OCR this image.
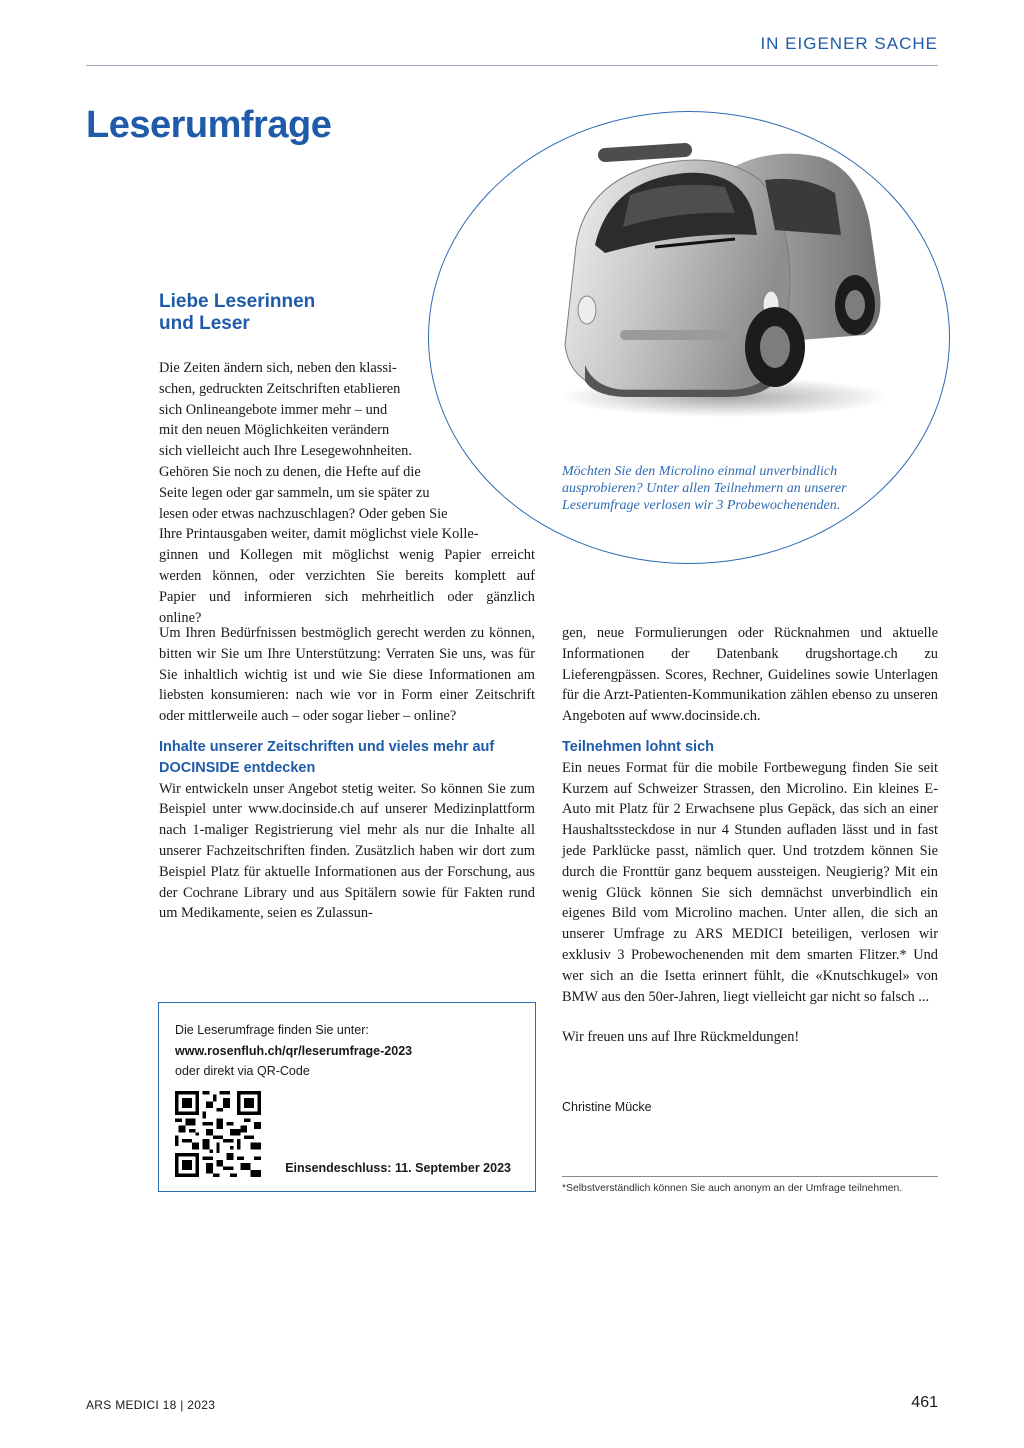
IN EIGENER SACHE
Leserumfrage

Möchten Sie den Microlino einmal unverbindlich ausprobieren? Unter allen Teilnehmern an unserer Leserumfrage verlosen wir 3 Probewochenenden.

Liebe Leserinnen
und Leser
Die Zeiten ändern sich, neben den klassi-
schen, gedruckten Zeitschriften etablieren
sich Onlineangebote immer mehr – und
mit den neuen Möglichkeiten verändern
sich vielleicht auch Ihre Lesegewohnheiten.
Gehören Sie noch zu denen, die Hefte auf die
Seite legen oder gar sammeln, um sie später zu
lesen oder etwas nachzuschlagen? Oder geben Sie
Ihre Printausgaben weiter, damit möglichst viele Kolle-
ginnen und Kollegen mit möglichst wenig Papier erreicht
werden können, oder verzichten Sie bereits komplett auf
Papier und informieren sich mehrheitlich oder gänzlich
online?

Um Ihren Bedürfnissen bestmöglich gerecht werden zu können, bitten wir Sie um Ihre Unterstützung: Verraten Sie uns, was für Sie inhaltlich wichtig ist und wie Sie diese Informationen am liebsten konsumieren: nach wie vor in Form einer Zeitschrift oder mittlerweile auch – oder sogar lieber – online?

Inhalte unserer Zeitschriften und vieles mehr auf DOCINSIDE entdecken

Wir entwickeln unser Angebot stetig weiter. So können Sie zum Beispiel unter www.docinside.ch auf unserer Medizinplattform nach 1-maliger Registrierung viel mehr als nur die Inhalte all unserer Fachzeitschriften finden. Zusätzlich haben wir dort zum Beispiel Platz für aktuelle Informationen aus der Forschung, aus der Cochrane Library und aus Spitälern sowie für Fakten rund um Medikamente, seien es Zulassun-

gen, neue Formulierungen oder Rücknahmen und aktuelle Informationen der Datenbank drugshortage.ch zu Lieferengpässen. Scores, Rechner, Guidelines sowie Unterlagen für die Arzt-Patienten-Kommunikation zählen ebenso zu unseren Angeboten auf www.docinside.ch.

Teilnehmen lohnt sich

Ein neues Format für die mobile Fortbewegung finden Sie seit Kurzem auf Schweizer Strassen, den Microlino. Ein kleines E-Auto mit Platz für 2 Erwachsene plus Gepäck, das sich an einer Haushaltssteckdose in nur 4 Stunden aufladen lässt und in fast jede Parklücke passt, nämlich quer. Und trotzdem können Sie durch die Fronttür ganz bequem aussteigen. Neugierig? Mit ein wenig Glück können Sie sich demnächst unverbindlich ein eigenes Bild vom Microlino machen. Unter allen, die sich an unserer Umfrage zu ARS MEDICI beteiligen, verlosen wir exklusiv 3 Probewochenenden mit dem smarten Flitzer.* Und wer sich an die Isetta erinnert fühlt, die «Knutschkugel» von BMW aus den 50er-Jahren, liegt vielleicht gar nicht so falsch ...

Wir freuen uns auf Ihre Rückmeldungen!

Die Leserumfrage finden Sie unter:

www.rosenfluh.ch/qr/leserumfrage-2023

oder direkt via QR-Code

Einsendeschluss: 11. September 2023

Christine Mücke

*Selbstverständlich können Sie auch anonym an der Umfrage teilnehmen.

ARS MEDICI 18 | 2023	461
